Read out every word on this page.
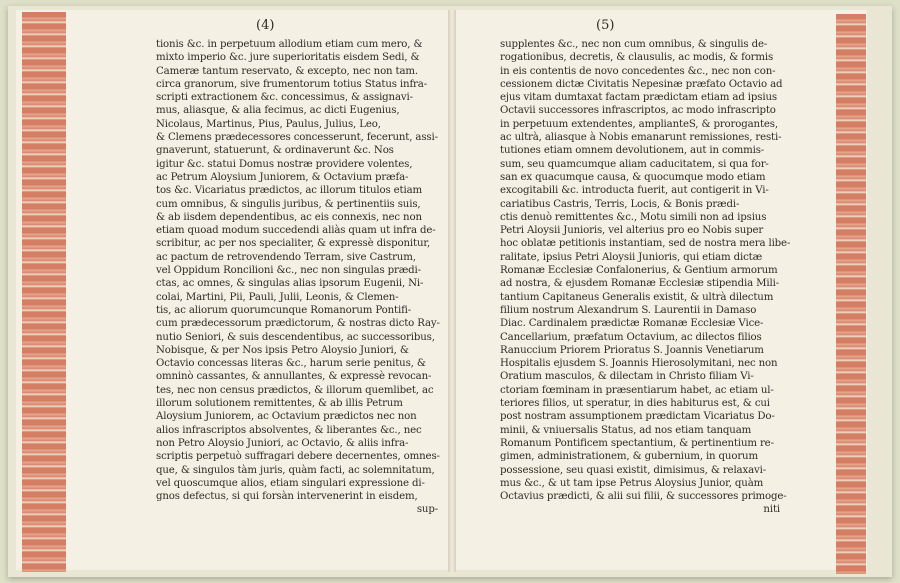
(4)	(5)
tionis &c. in perpetuum allodium etiam cum mero, &
mixto imperio &c. jure superioritatis eisdem Sedi, &
Cameræ tantum reservato, & excepto, nec non tam.
circa granorum, sive frumentorum totius Status infra-
scripti extractionem &c. concessimus, & assignavi-
mus, aliasque, & alia fecimus, ac dicti Eugenius,
Nicolaus, Martinus, Pius, Paulus, Julius, Leo,
& Clemens prædecessores concesserunt, fecerunt, assi-
gnaverunt, statuerunt, & ordinaverunt &c. Nos
igitur &c. statui Domus nostræ providere volentes,
ac Petrum Aloysium Juniorem, & Octavium præfa-
tos &c. Vicariatus prædictos, ac illorum titulos etiam
cum omnibus, & singulis juribus, & pertinentiis suis,
& ab iisdem dependentibus, ac eis connexis, nec non
etiam quoad modum succedendi aliàs quam ut infra de-
scribitur, ac per nos specialiter, & expressè disponitur,
ac pactum de retrovendendo Terram, sive Castrum,
vel Oppidum Roncilioni &c., nec non singulas prædi-
ctas, ac omnes, & singulas alias ipsorum Eugenii, Ni-
colai, Martini, Pii, Pauli, Julii, Leonis, & Clemen-
tis, ac aliorum quorumcunque Romanorum Pontifi-
cum prædecessorum prædictorum, & nostras dicto Ray-
nutio Seniori, & suis descendentibus, ac successoribus,
Nobisque, & per Nos ipsis Petro Aloysio Juniori, &
Octavio concessas literas &c., harum serie penitus, &
omninò cassantes, & annullantes, & expressè revocan-
tes, nec non census prædictos, & illorum quemlibet, ac
illorum solutionem remittentes, & ab illis Petrum
Aloysium Juniorem, ac Octavium prædictos nec non
alios infrascriptos absolventes, & liberantes &c., nec
non Petro Aloysio Juniori, ac Octavio, & aliis infra-
scriptis perpetuò suffragari debere decernentes, omnes-
que, & singulos tàm juris, quàm facti, ac solemnitatum,
vel quoscumque alios, etiam singulari expressione di-
gnos defectus, si qui forsàn intervenerint in eisdem,
sup-
supplentes &c., nec non cum omnibus, & singulis de-
rogationibus, decretis, & clausulis, ac modis, & formis
in eis contentis de novo concedentes &c., nec non con-
cessionem dictæ Civitatis Nepesinæ præfato Octavio ad
ejus vitam dumtaxat factam prædictam etiam ad ipsius
Octavii successores infrascriptos, ac modo infrascripto
in perpetuum extendentes, amplianteS, & prorogantes,
ac ultrà, aliasque à Nobis emanarunt remissiones, resti-
tutiones etiam omnem devolutionem, aut in commis-
sum, seu quamcumque aliam caducitatem, si qua for-
san ex quacumque causa, & quocumque modo etiam
excogitabili &c. introducta fuerit, aut contigerit in Vi-
cariatibus Castris, Terris, Locis, & Bonis prædi-
ctis denuò remittentes &c., Motu simili non ad ipsius
Petri Aloysii Junioris, vel alterius pro eo Nobis super
hoc oblatæ petitionis instantiam, sed de nostra mera libe-
ralitate, ipsius Petri Aloysii Junioris, qui etiam dictæ
Romanæ Ecclesiæ Confalonerius, & Gentium armorum
ad nostra, & ejusdem Romanæ Ecclesiæ stipendia Mili-
tantium Capitaneus Generalis existit, & ultrà dilectum
filium nostrum Alexandrum S. Laurentii in Damaso
Diac. Cardinalem prædictæ Romanæ Ecclesiæ Vice-
Cancellarium, præfatum Octavium, ac dilectos filios
Ranuccium Priorem Prioratus S. Joannis Venetiarum
Hospitalis ejusdem S. Joannis Hierosolymitani, nec non
Oratium masculos, & dilectam in Christo filiam Vi-
ctoriam fœminam in præsentiarum habet, ac etiam ul-
teriores filios, ut speratur, in dies habiturus est, & cui
post nostram assumptionem prædictam Vicariatus Do-
minii, & vniuersalis Status, ad nos etiam tanquam
Romanum Pontificem spectantium, & pertinentium re-
gimen, administrationem, & gubernium, in quorum
possessione, seu quasi existit, dimisimus, & relaxavi-
mus &c., & ut tam ipse Petrus Aloysius Junior, quàm
Octavius prædicti, & alii sui filii, & successores primoge-
niti
